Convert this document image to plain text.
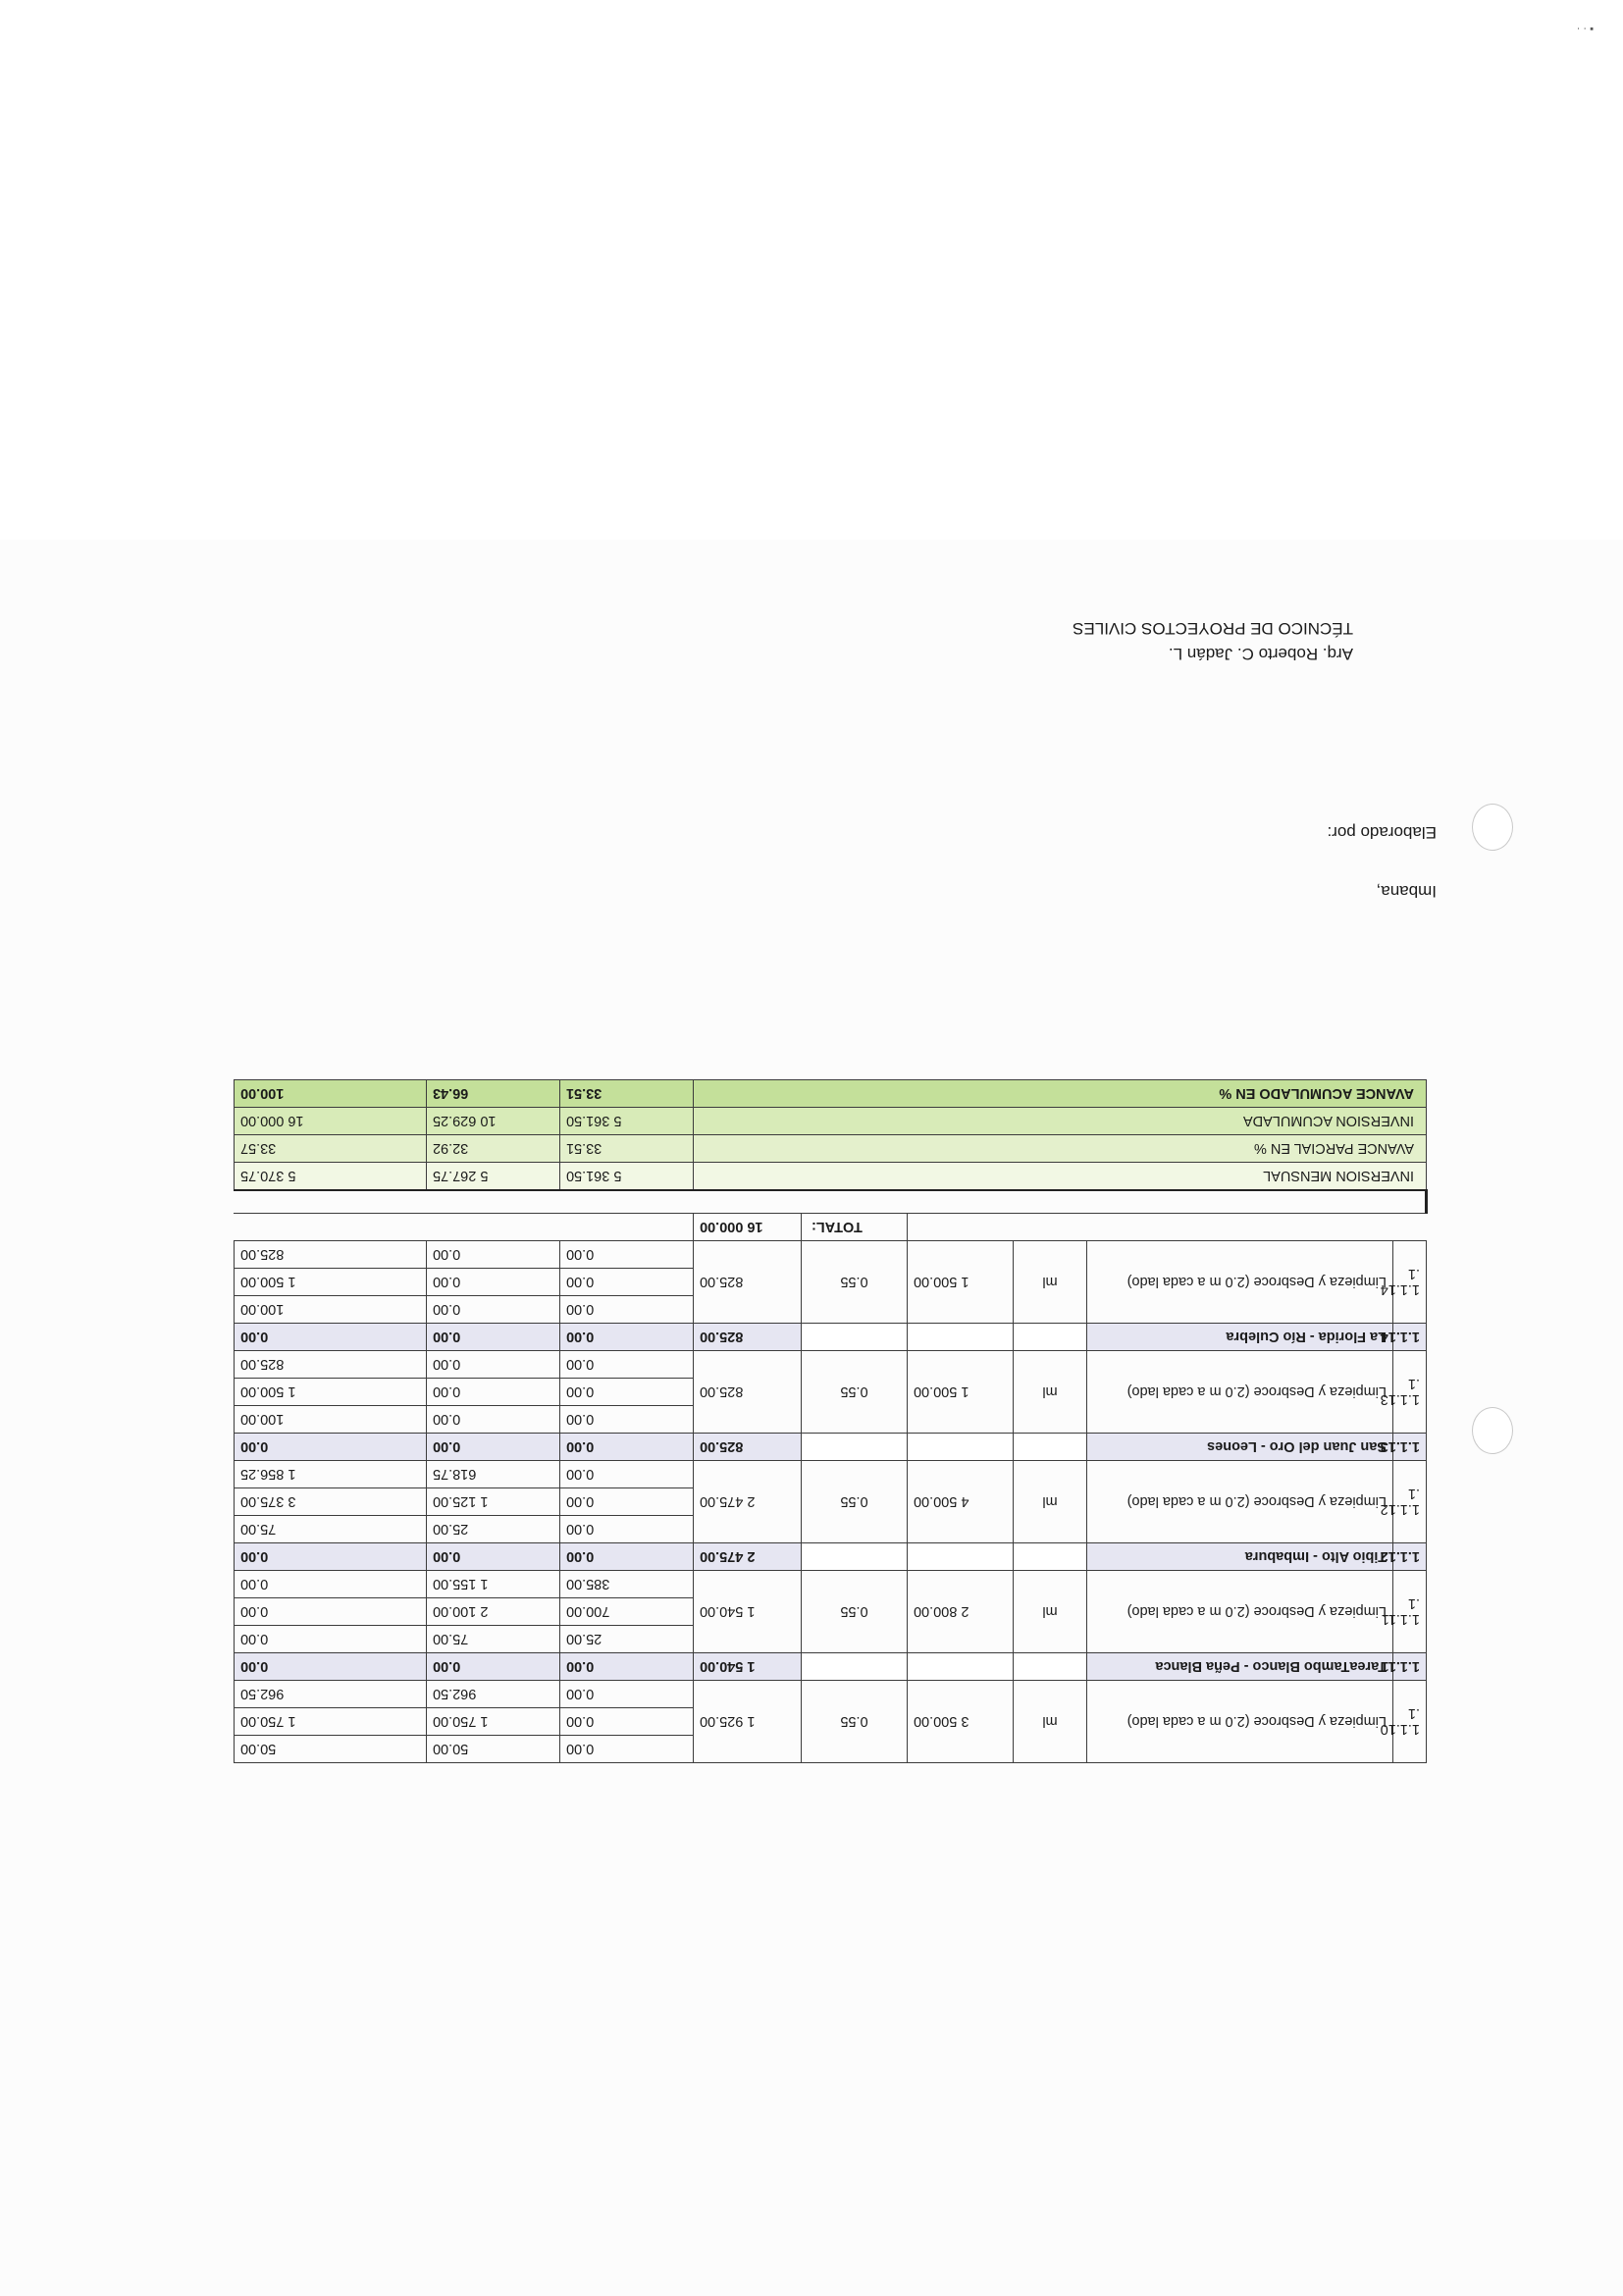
1.1.10
.1	Limpieza y Desbroce (2.0 m a cada lado)	ml	3 500.00	0.55	1 925.00	0.00	50.00	50.00
						0.00	1 750.00	1 750.00
						0.00	962.50	962.50
1.1.11	TareaTambo Blanco - Peña Blanca				1 540.00	0.00	0.00	0.00
1.1.11
.1	Limpieza y Desbroce (2.0 m a cada lado)	ml	2 800.00	0.55	1 540.00	25.00	75.00	0.00
						700.00	2 100.00	0.00
						385.00	1 155.00	0.00
1.1.12	Tibio Alto - Imbabura				2 475.00	0.00	0.00	0.00
1.1.12
.1	Limpieza y Desbroce (2.0 m a cada lado)	ml	4 500.00	0.55	2 475.00	0.00	25.00	75.00
						0.00	1 125.00	3 375.00
						0.00	618.75	1 856.25
1.1.13	San Juan del Oro - Leones				825.00	0.00	0.00	0.00
1.1.13
.1	Limpieza y Desbroce (2.0 m a cada lado)	ml	1 500.00	0.55	825.00	0.00	0.00	100.00
						0.00	0.00	1 500.00
						0.00	0.00	825.00
1.1.14	La Florida - Río Culebra				825.00	0.00	0.00	0.00
1.1.14
.1	Limpieza y Desbroce (2.0 m a cada lado)	ml	1 500.00	0.55	825.00	0.00	0.00	100.00
						0.00	0.00	1 500.00
						0.00	0.00	825.00
				TOTAL:	16 000.00			

INVERSION MENSUAL						5 361.50	5 267.75	5 370.75
AVANCE PARCIAL EN %						33.51	32.92	33.57
INVERSION ACUMULADA						5 361.50	10 629.25	16 000.00
AVANCE ACUMULADO EN %						33.51	66.43	100.00
Imbana,
Elaborado por:
Arq. Roberto C. Jadán L.
TÉCNICO DE PROYECTOS CIVILES
▪ · ·
